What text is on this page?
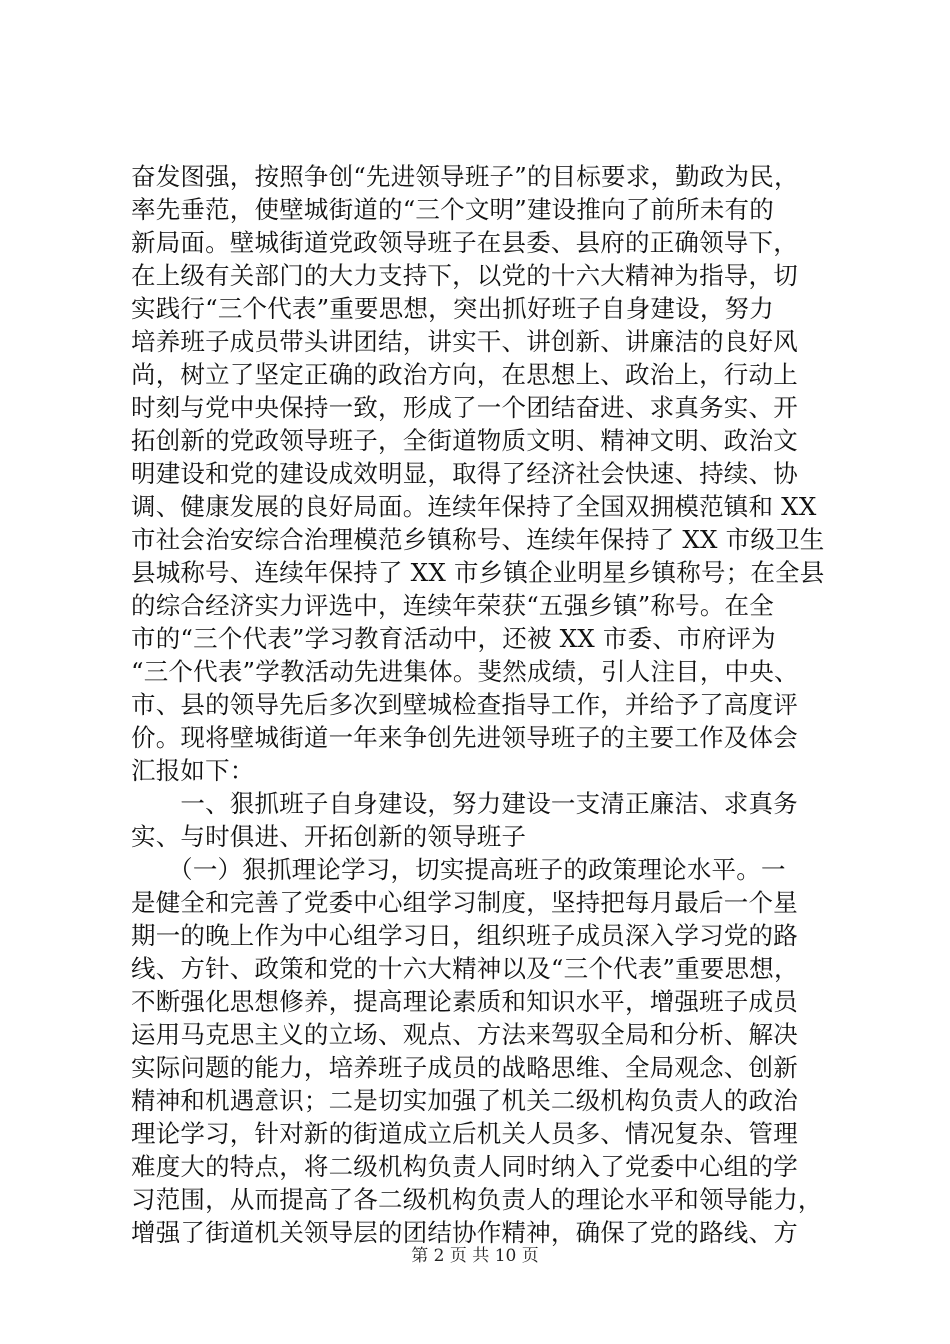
奋发图强，按照争创“先进领导班子”的目标要求，勤政为民，
率先垂范，使壁城街道的“三个文明”建设推向了前所未有的
新局面。壁城街道党政领导班子在县委、县府的正确领导下，
在上级有关部门的大力支持下，以党的十六大精神为指导，切
实践行“三个代表”重要思想，突出抓好班子自身建设，努力
培养班子成员带头讲团结，讲实干、讲创新、讲廉洁的良好风
尚，树立了坚定正确的政治方向，在思想上、政治上，行动上
时刻与党中央保持一致，形成了一个团结奋进、求真务实、开
拓创新的党政领导班子，全街道物质文明、精神文明、政治文
明建设和党的建设成效明显，取得了经济社会快速、持续、协
调、健康发展的良好局面。连续年保持了全国双拥模范镇和 XX
市社会治安综合治理模范乡镇称号、连续年保持了 XX 市级卫生
县城称号、连续年保持了 XX 市乡镇企业明星乡镇称号；在全县
的综合经济实力评选中，连续年荣获“五强乡镇”称号。在全
市的“三个代表”学习教育活动中，还被 XX 市委、市府评为
“三个代表”学教活动先进集体。斐然成绩，引人注目，中央、
市、县的领导先后多次到壁城检查指导工作，并给予了高度评
价。现将壁城街道一年来争创先进领导班子的主要工作及体会
汇报如下：
　　一、狠抓班子自身建设，努力建设一支清正廉洁、求真务
实、与时俱进、开拓创新的领导班子
　　（一）狠抓理论学习，切实提高班子的政策理论水平。一
是健全和完善了党委中心组学习制度，坚持把每月最后一个星
期一的晚上作为中心组学习日，组织班子成员深入学习党的路
线、方针、政策和党的十六大精神以及“三个代表”重要思想，
不断强化思想修养，提高理论素质和知识水平，增强班子成员
运用马克思主义的立场、观点、方法来驾驭全局和分析、解决
实际问题的能力，培养班子成员的战略思维、全局观念、创新
精神和机遇意识；二是切实加强了机关二级机构负责人的政治
理论学习，针对新的街道成立后机关人员多、情况复杂、管理
难度大的特点，将二级机构负责人同时纳入了党委中心组的学
习范围，从而提高了各二级机构负责人的理论水平和领导能力，
增强了街道机关领导层的团结协作精神，确保了党的路线、方
第 2 页 共 10 页
